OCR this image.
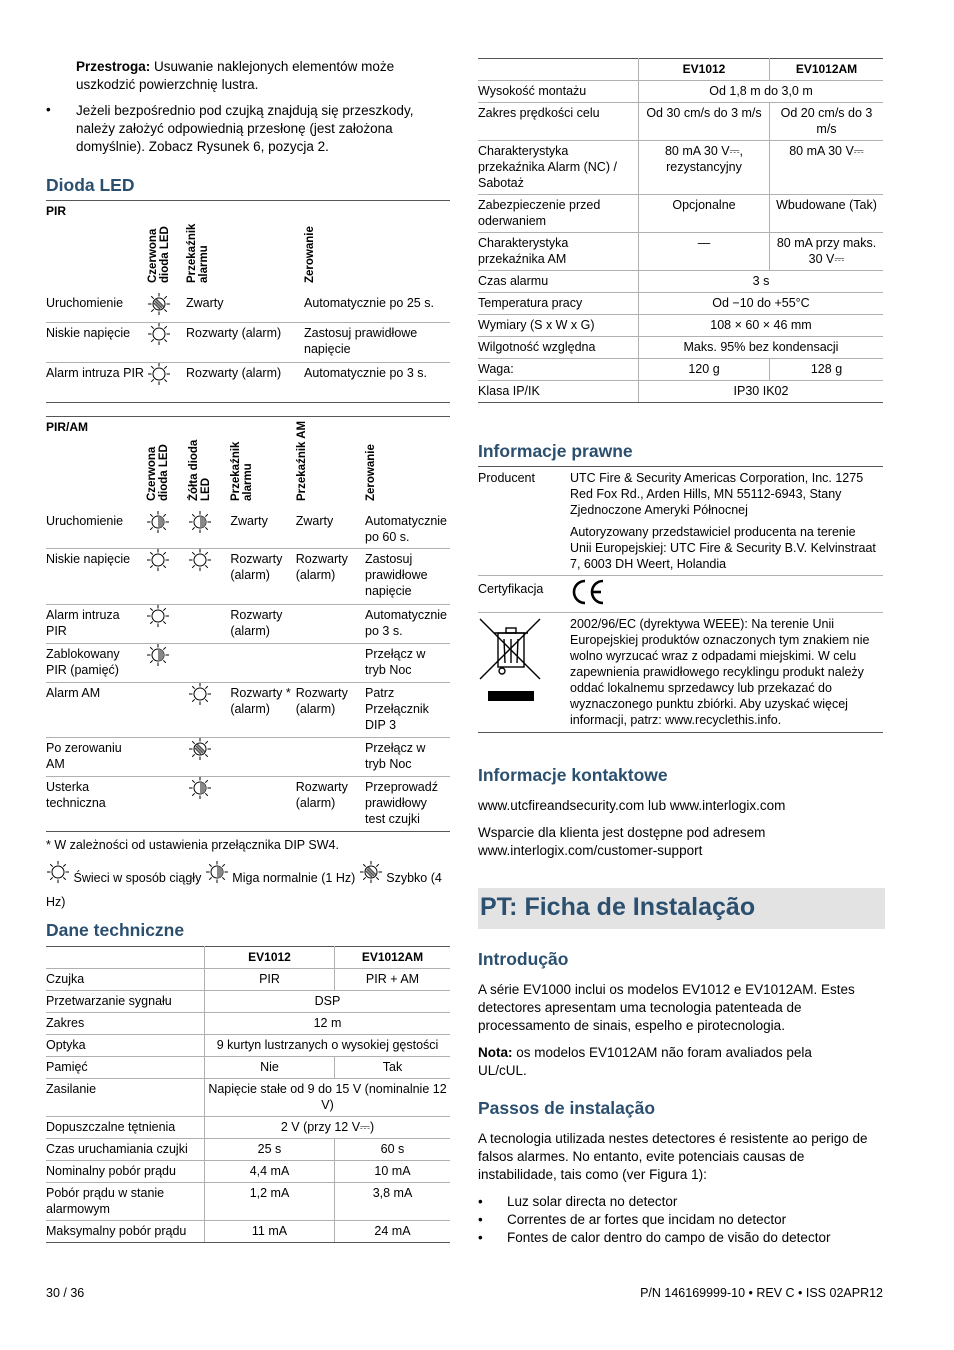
Przestroga: Usuwanie naklejonych elementów może uszkodzić powierzchnię lustra.

• Jeżeli bezpośrednio pod czujką znajdują się przeszkody, należy założyć odpowiednią przesłonę (jest założona domyślnie). Zobacz Rysunek 6, pozycja 2.

Dioda LED
PIR	Czerwona dioda LED	Przekaźnik alarmu	Zerowanie

Uruchomienie		Zwarty	Automatycznie po 25 s.
Niskie napięcie		Rozwarty (alarm)	Zastosuj prawidłowe napięcie
Alarm intruza PIR		Rozwarty (alarm)	Automatycznie po 3 s.
PIR/AM	Czerwona dioda LED	Żółta dioda LED	Przekaźnik alarmu	Przekaźnik AM	Zerowanie

Uruchomienie			Zwarty	Zwarty	Automatycznie po 60 s.
Niskie napięcie			Rozwarty (alarm)	Rozwarty (alarm)	Zastosuj prawidłowe napięcie
Alarm intruza PIR			Rozwarty (alarm)		Automatycznie po 3 s.
Zablokowany PIR (pamięć)					Przełącz w tryb Noc
Alarm AM			Rozwarty * (alarm)	Rozwarty (alarm)	Patrz Przełącznik DIP 3
Po zerowaniu AM					Przełącz w tryb Noc
Usterka techniczna				Rozwarty (alarm)	Przeprowadź prawidłowy test czujki

* W zależności od ustawienia przełącznika DIP SW4.

Świeci w sposób ciągły Miga normalnie (1 Hz) Szybko (4 Hz)
Dane techniczne
	EV1012	EV1012AM
Czujka	PIR	PIR + AM
Przetwarzanie sygnału	DSP	
Zakres	12 m	
Optyka	9 kurtyn lustrzanych o wysokiej gęstości	
Pamięć	Nie	Tak
Zasilanie	Napięcie stałe od 9 do 15 V (nominalnie 12 V)	
Dopuszczalne tętnienia	2 V (przy 12 V⎓)	
Czas uruchamiania czujki	25 s	60 s
Nominalny pobór prądu	4,4 mA	10 mA
Pobór prądu w stanie alarmowym	1,2 mA	3,8 mA
Maksymalny pobór prądu	11 mA	24 mA

30 / 36

	EV1012	EV1012AM
Wysokość montażu	Od 1,8 m do 3,0 m	
Zakres prędkości celu	Od 30 cm/s do 3 m/s	Od 20 cm/s do 3 m/s
Charakterystyka przekaźnika Alarm (NC) / Sabotaż	80 mA 30 V⎓, rezystancyjny	80 mA 30 V⎓
Zabezpieczenie przed oderwaniem	Opcjonalne	Wbudowane (Tak)
Charakterystyka przekaźnika AM	—	80 mA przy maks. 30 V⎓
Czas alarmu	3 s	
Temperatura pracy	Od −10 do +55°C	
Wymiary (S x W x G)	108 × 60 × 46 mm	
Wilgotność względna	Maks. 95% bez kondensacji	
Waga:	120 g	128 g
Klasa IP/IK	IP30 IK02	
Informacje prawne
Producent	UTC Fire & Security Americas Corporation, Inc. 1275 Red Fox Rd., Arden Hills, MN 55112-6943, Stany Zjednoczone Ameryki Północnej

Autoryzowany przedstawiciel producenta na terenie Unii Europejskiej: UTC Fire & Security B.V. Kelvinstraat 7, 6003 DH Weert, Holandia

Certyfikacja	
	2002/96/EC (dyrektywa WEEE): Na terenie Unii Europejskiej produktów oznaczonych tym znakiem nie wolno wyrzucać wraz z odpadami miejskimi. W celu zapewnienia prawidłowego recyklingu produkt należy oddać lokalnemu sprzedawcy lub przekazać do wyznaczonego punktu zbiórki. Aby uzyskać więcej informacji, patrz: www.recyclethis.info.
Informacje kontaktowe

www.utcfireandsecurity.com lub www.interlogix.com

Wsparcie dla klienta jest dostępne pod adresem www.interlogix.com/customer-support

Introdução

A série EV1000 inclui os modelos EV1012 e EV1012AM. Estes detectores apresentam uma tecnologia patenteada de processamento de sinais, espelho e pirotecnologia.

Nota: os modelos EV1012AM não foram avaliados pela UL/cUL.

Passos de instalação

A tecnologia utilizada nestes detectores é resistente ao perigo de falsos alarmes. No entanto, evite potenciais causas de instabilidade, tais como (ver Figura 1):

• Luz solar directa no detector
• Correntes de ar fortes que incidam no detector
• Fontes de calor dentro do campo de visão do detector

P/N 146169999-10 • REV C • ISS 02APR12

PT: Ficha de Instalação
